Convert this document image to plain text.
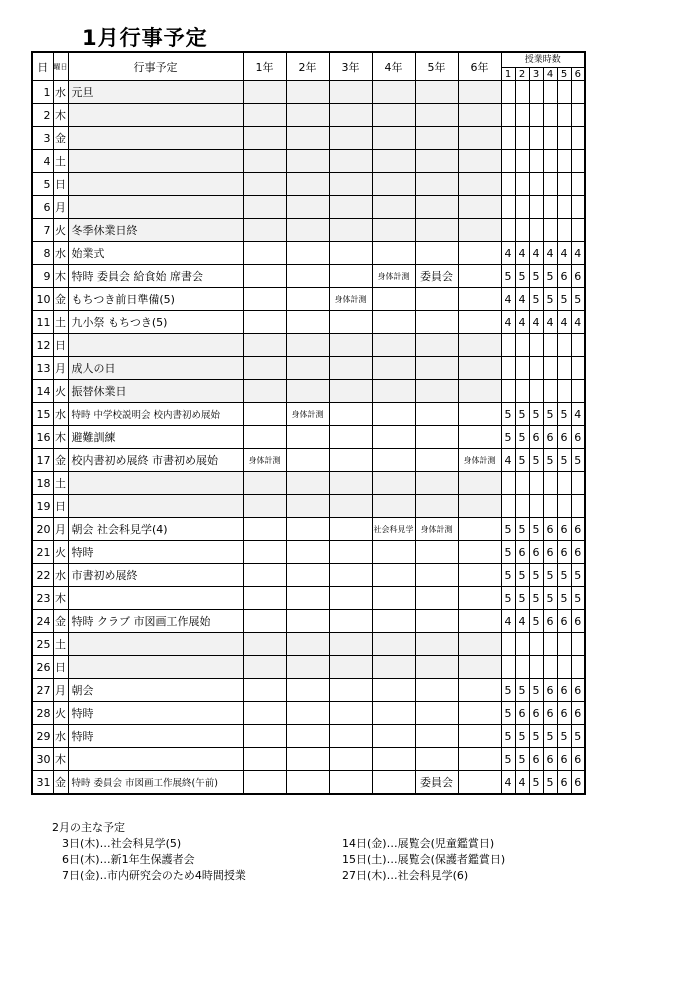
1月行事予定
日	曜日	行事予定	1年	2年	3年	4年	5年	6年	授業時数					
									1	2	3	4	5	6
1	水	元旦												
2	木													
3	金													
4	土													
5	日													
6	月													
7	火	冬季休業日終												
8	水	始業式							4	4	4	4	4	4
9	木	特時 委員会 給食始 席書会				身体計測	委員会		5	5	5	5	6	6
10	金	もちつき前日準備(5)			身体計測				4	4	5	5	5	5
11	土	九小祭 もちつき(5)							4	4	4	4	4	4
12	日													
13	月	成人の日												
14	火	振替休業日												
15	水	特時 中学校説明会 校内書初め展始		身体計測					5	5	5	5	5	4
16	木	避難訓練							5	5	6	6	6	6
17	金	校内書初め展終 市書初め展始	身体計測					身体計測	4	5	5	5	5	5
18	土													
19	日													
20	月	朝会 社会科見学(4)				社会科見学	身体計測		5	5	5	6	6	6
21	火	特時							5	6	6	6	6	6
22	水	市書初め展終							5	5	5	5	5	5
23	木								5	5	5	5	5	5
24	金	特時 クラブ 市図画工作展始							4	4	5	6	6	6
25	土													
26	日													
27	月	朝会							5	5	5	6	6	6
28	火	特時							5	6	6	6	6	6
29	水	特時							5	5	5	5	5	5
30	木								5	5	6	6	6	6
31	金	特時 委員会 市図画工作展終(午前)					委員会		4	4	5	5	6	6
2月の主な予定
3日(木)…社会科見学(5)
6日(木)…新1年生保護者会
7日(金)‥市内研究会のため4時間授業
14日(金)…展覧会(児童鑑賞日)
15日(土)…展覧会(保護者鑑賞日)
27日(木)…社会科見学(6)
